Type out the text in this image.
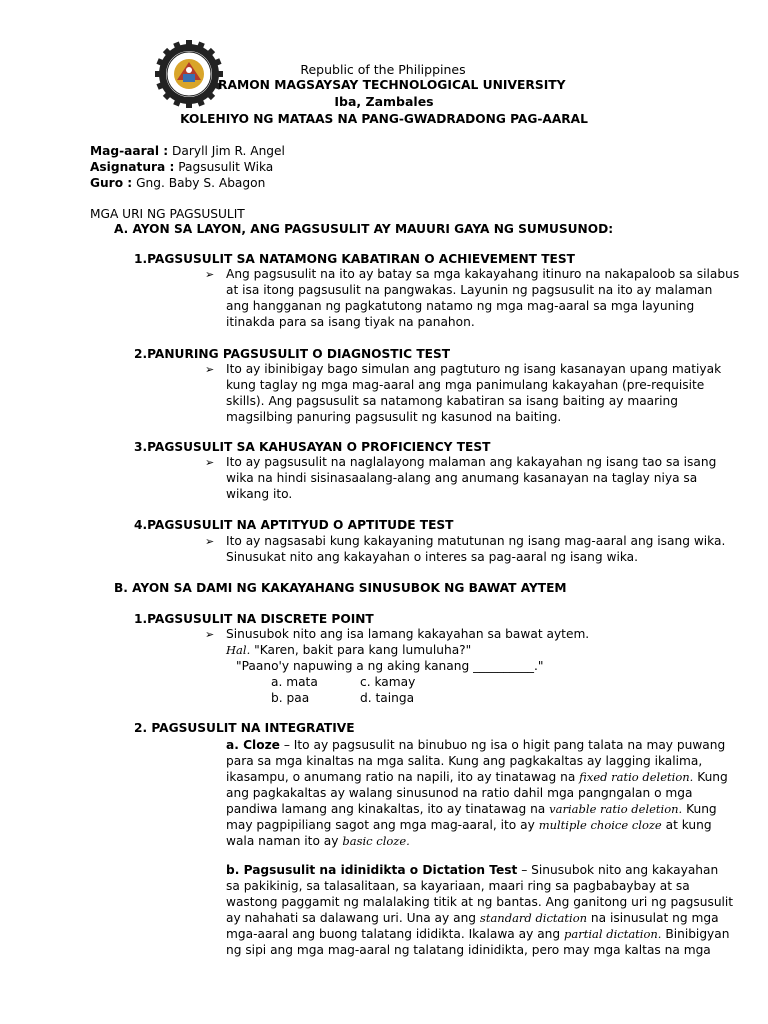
Republic of the Philippines
RAMON MAGSAYSAY TECHNOLOGICAL UNIVERSITY
Iba, Zambales
KOLEHIYO NG MATAAS NA PANG-GWADRADONG PAG-AARAL
Mag-aaral : Daryll Jim R. Angel
Asignatura : Pagsusulit Wika
Guro : Gng. Baby S. Abagon
MGA URI NG PAGSUSULIT
A. AYON SA LAYON, ANG PAGSUSULIT AY MAUURI GAYA NG SUMUSUNOD:
1.PAGSUSULIT SA NATAMONG KABATIRAN O ACHIEVEMENT TEST
➢ Ang pagsusulit na ito ay batay sa mga kakayahang itinuro na nakapaloob sa silabus
at isa itong pagsusulit na pangwakas. Layunin ng pagsusulit na ito ay malaman
ang hangganan ng pagkatutong natamo ng mga mag-aaral sa mga layuning
itinakda para sa isang tiyak na panahon.
2.PANURING PAGSUSULIT O DIAGNOSTIC TEST
➢ Ito ay ibinibigay bago simulan ang pagtuturo ng isang kasanayan upang matiyak
kung taglay ng mga mag-aaral ang mga panimulang kakayahan (pre-requisite
skills). Ang pagsusulit sa natamong kabatiran sa isang baiting ay maaring
magsilbing panuring pagsusulit ng kasunod na baiting.
3.PAGSUSULIT SA KAHUSAYAN O PROFICIENCY TEST
➢ Ito ay pagsusulit na naglalayong malaman ang kakayahan ng isang tao sa isang
wika na hindi sisinasaalang-alang ang anumang kasanayan na taglay niya sa
wikang ito.
4.PAGSUSULIT NA APTITYUD O APTITUDE TEST
➢ Ito ay nagsasabi kung kakayaning matutunan ng isang mag-aaral ang isang wika.
Sinusukat nito ang kakayahan o interes sa pag-aaral ng isang wika.
B. AYON SA DAMI NG KAKAYAHANG SINUSUBOK NG BAWAT AYTEM
1.PAGSUSULIT NA DISCRETE POINT
➢ Sinusubok nito ang isa lamang kakayahan sa bawat aytem.
Hal. "Karen, bakit para kang lumuluha?"
"Paano'y napuwing a ng aking kanang __________."
a. mata	c. kamay
b. paa	d. tainga
2. PAGSUSULIT NA INTEGRATIVE
a. Cloze – Ito ay pagsusulit na binubuo ng isa o higit pang talata na may puwang
para sa mga kinaltas na mga salita. Kung ang pagkakaltas ay lagging ikalima,
ikasampu, o anumang ratio na napili, ito ay tinatawag na fixed ratio deletion. Kung
ang pagkakaltas ay walang sinusunod na ratio dahil mga pangngalan o mga
pandiwa lamang ang kinakaltas, ito ay tinatawag na variable ratio deletion. Kung
may pagpipiliang sagot ang mga mag-aaral, ito ay multiple choice cloze at kung
wala naman ito ay basic cloze.
b. Pagsusulit na idinidikta o Dictation Test – Sinusubok nito ang kakayahan
sa pakikinig, sa talasalitaan, sa kayariaan, maari ring sa pagbabaybay at sa
wastong paggamit ng malalaking titik at ng bantas. Ang ganitong uri ng pagsusulit
ay nahahati sa dalawang uri. Una ay ang standard dictation na isinusulat ng mga
mga-aaral ang buong talatang ididikta. Ikalawa ay ang partial dictation. Binibigyan
ng sipi ang mga mag-aaral ng talatang idinidikta, pero may mga kaltas na mga
